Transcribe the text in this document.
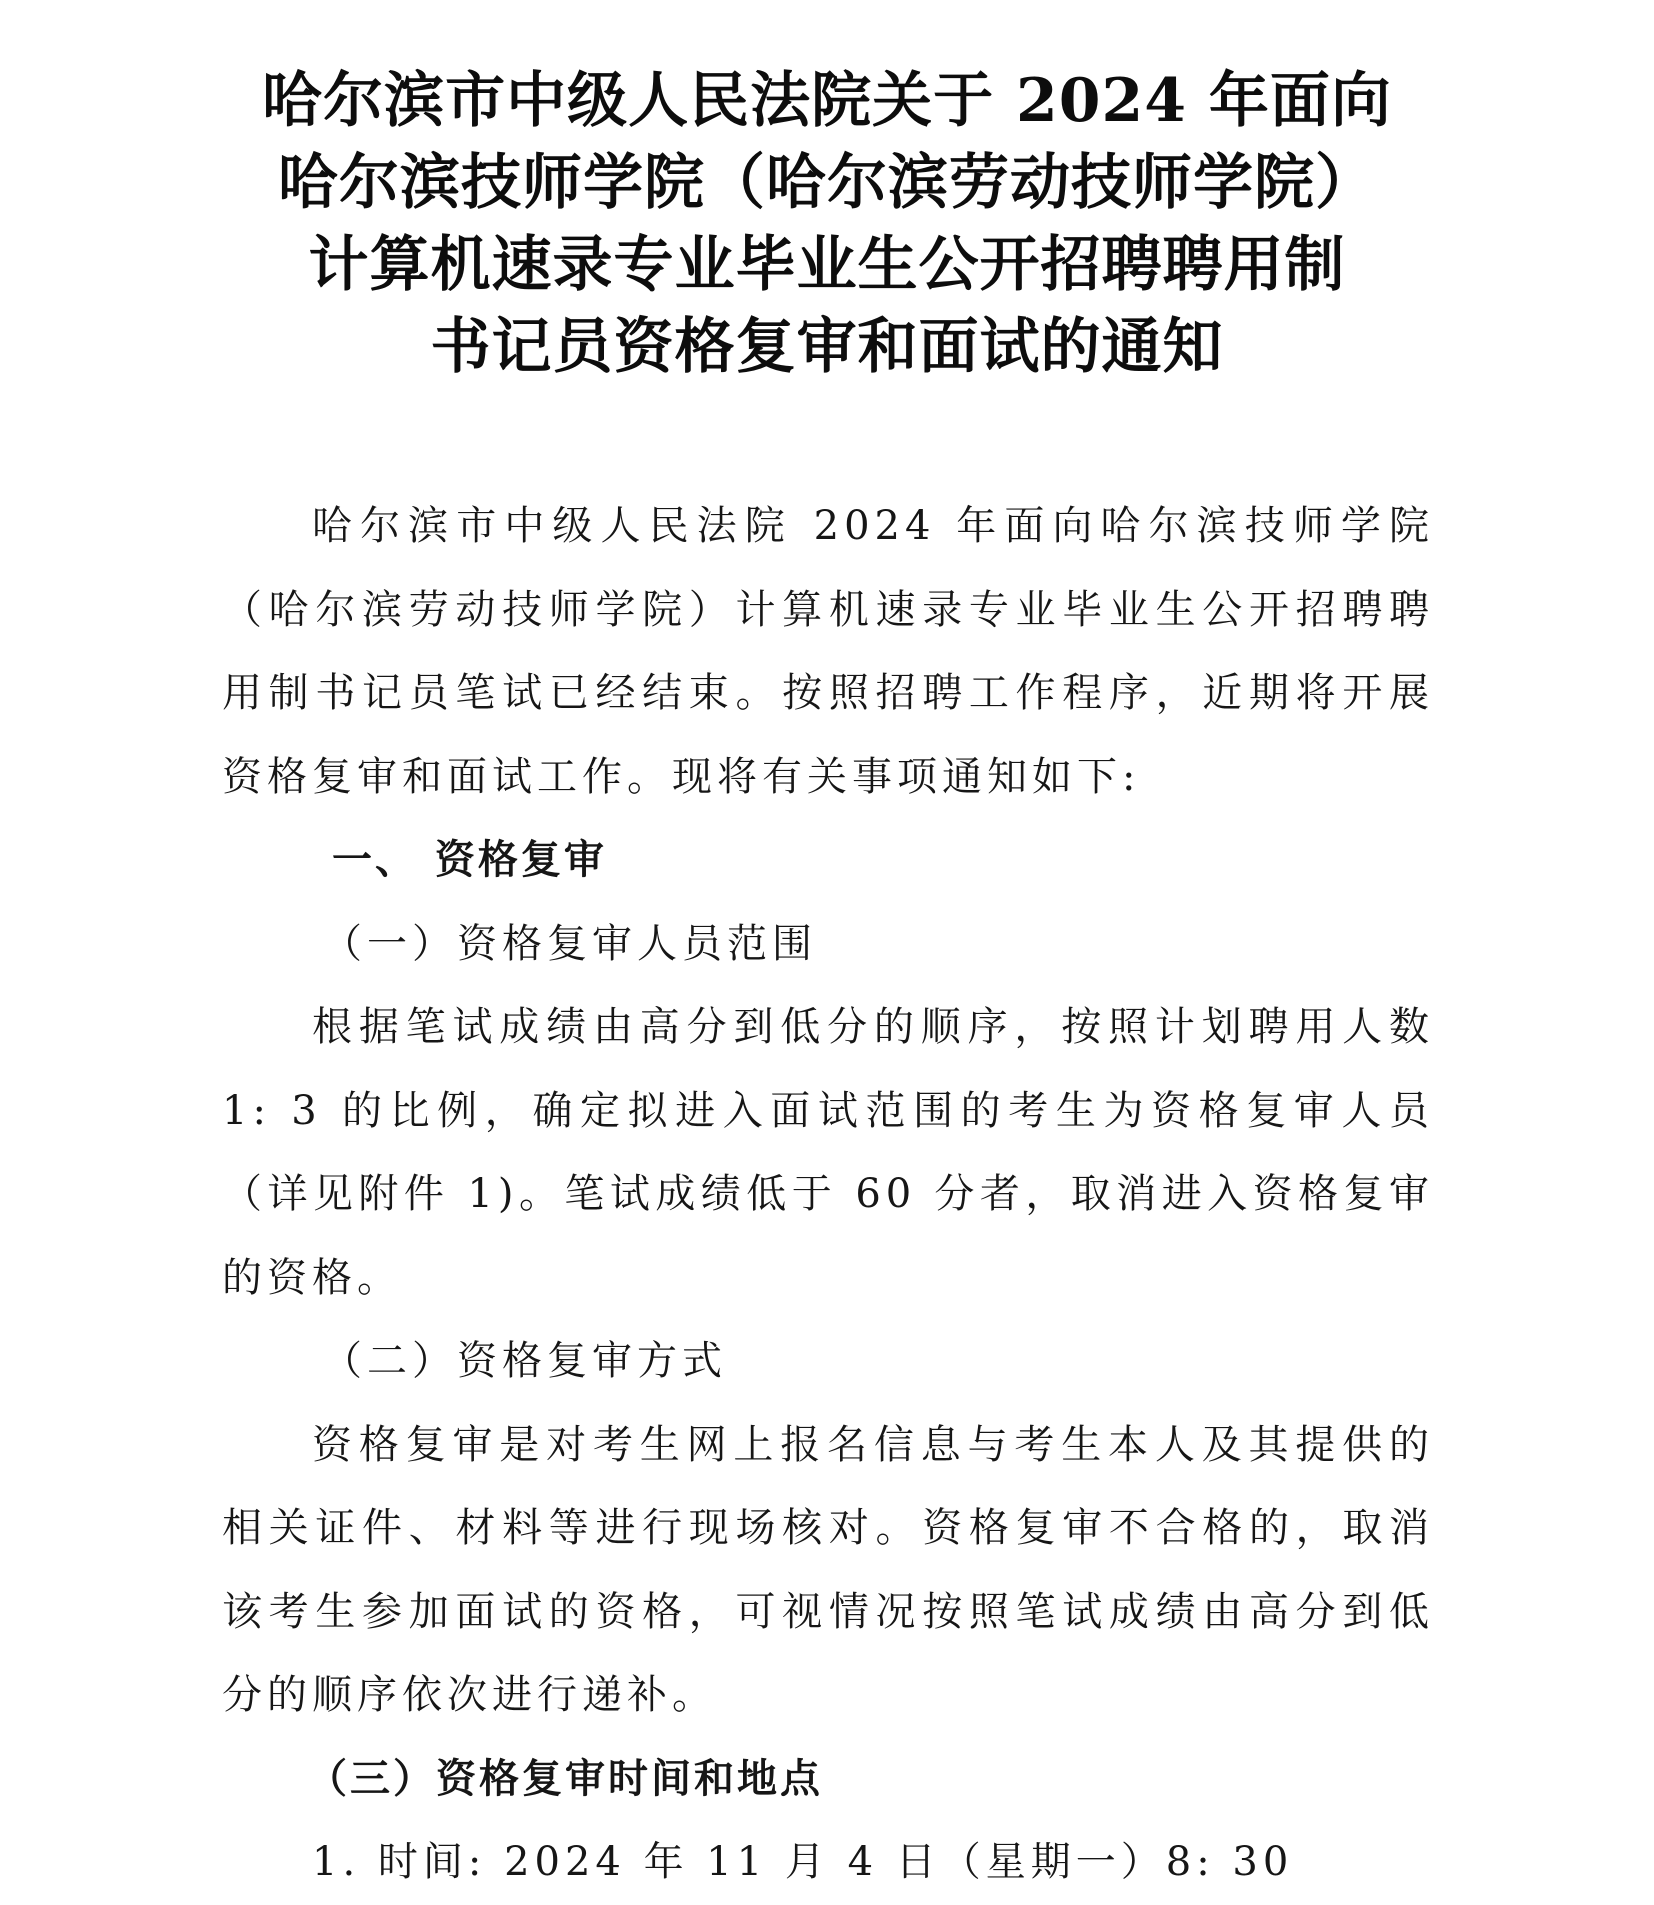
哈尔滨市中级人民法院关于 2024 年面向
哈尔滨技师学院（哈尔滨劳动技师学院）
计算机速录专业毕业生公开招聘聘用制
书记员资格复审和面试的通知

哈尔滨市中级人民法院 2024 年面向哈尔滨技师学院（哈尔滨劳动技师学院）计算机速录专业毕业生公开招聘聘用制书记员笔试已经结束。按照招聘工作程序，近期将开展资格复审和面试工作。现将有关事项通知如下:

一、 资格复审

（一）资格复审人员范围

根据笔试成绩由高分到低分的顺序，按照计划聘用人数 1: 3 的比例，确定拟进入面试范围的考生为资格复审人员（详见附件 1)。笔试成绩低于 60 分者，取消进入资格复审的资格。

（二）资格复审方式

资格复审是对考生网上报名信息与考生本人及其提供的相关证件、材料等进行现场核对。资格复审不合格的，取消该考生参加面试的资格，可视情况按照笔试成绩由高分到低分的顺序依次进行递补。

（三）资格复审时间和地点

1. 时间: 2024 年 11 月 4 日（星期一）8: 30
